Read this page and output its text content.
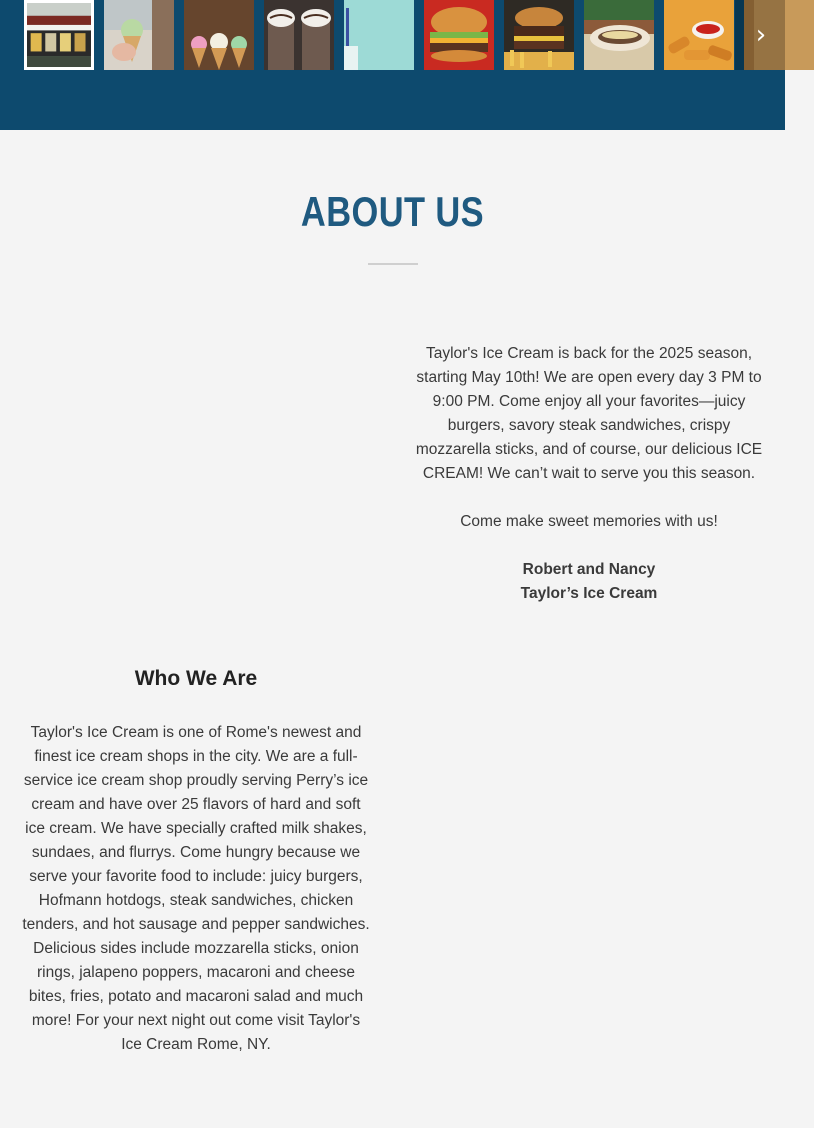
›
ABOUT US

Taylor's Ice Cream is back for the 2025 season, starting May 10th! We are open every day 3 PM to 9:00 PM. Come enjoy all your favorites—juicy burgers, savory steak sandwiches, crispy mozzarella sticks, and of course, our delicious ICE CREAM! We can’t wait to serve you this season.

Come make sweet memories with us!

Robert and Nancy

Taylor’s Ice Cream

Who We Are

Taylor's Ice Cream is one of Rome's newest and finest ice cream shops in the city. We are a full-service ice cream shop proudly serving Perry’s ice cream and have over 25 flavors of hard and soft ice cream. We have specially crafted milk shakes, sundaes, and flurrys. Come hungry because we serve your favorite food to include: juicy burgers, Hofmann hotdogs, steak sandwiches, chicken tenders, and hot sausage and pepper sandwiches. Delicious sides include mozzarella sticks, onion rings, jalapeno poppers, macaroni and cheese bites, fries, potato and macaroni salad and much more! For your next night out come visit Taylor's Ice Cream Rome, NY.
